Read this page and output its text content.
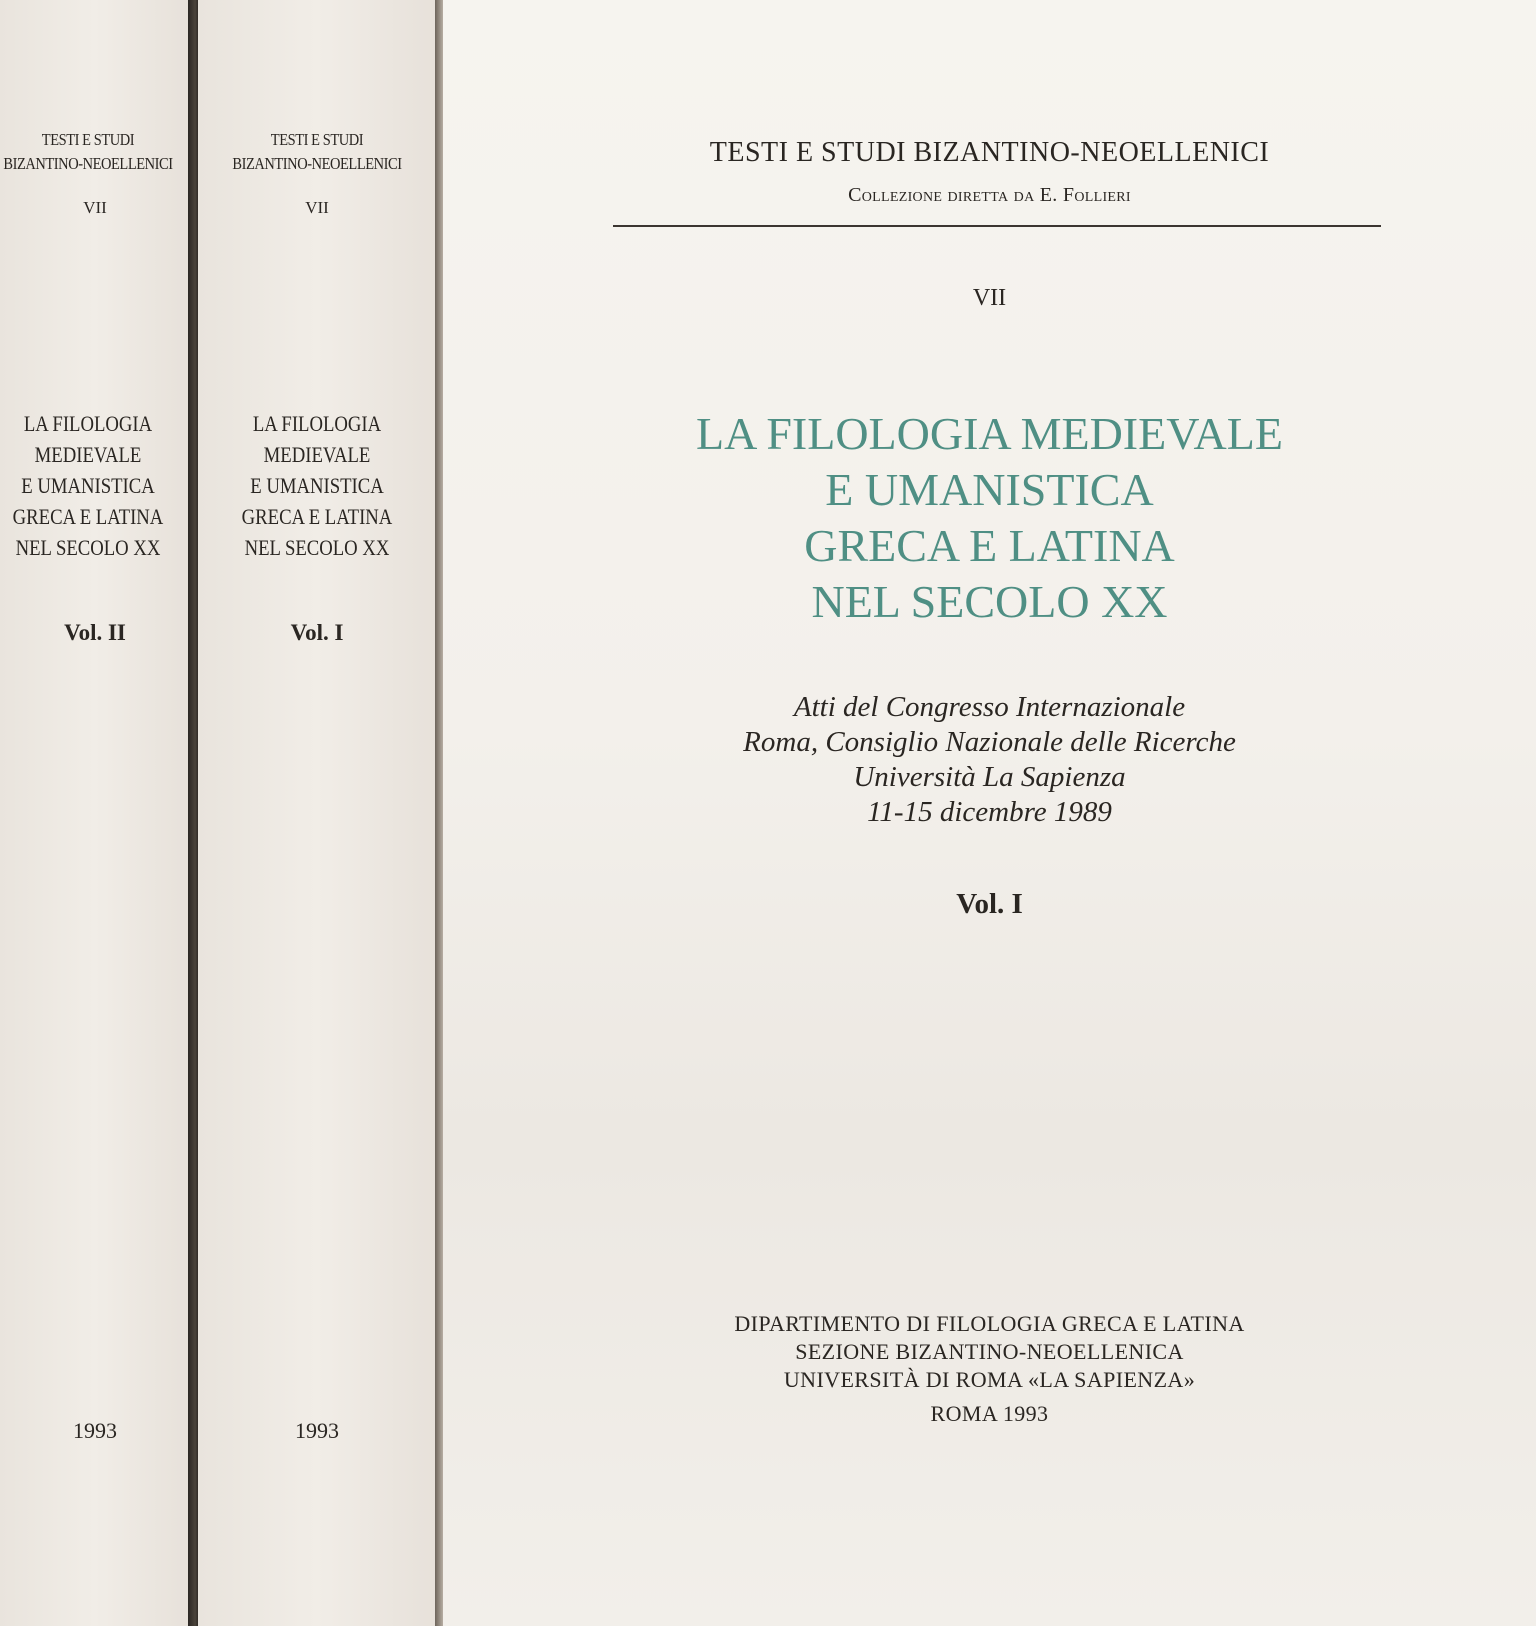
TESTI E STUDI
BIZANTINO-NEOELLENICI
VII
LA FILOLOGIA
MEDIEVALE
E UMANISTICA
GRECA E LATINA
NEL SECOLO XX
Vol. II
1993
TESTI E STUDI
BIZANTINO-NEOELLENICI
VII
LA FILOLOGIA
MEDIEVALE
E UMANISTICA
GRECA E LATINA
NEL SECOLO XX
Vol. I
1993
TESTI E STUDI BIZANTINO-NEOELLENICI
Collezione diretta da E. Follieri
VII
LA FILOLOGIA MEDIEVALE
E UMANISTICA
GRECA E LATINA
NEL SECOLO XX
Atti del Congresso Internazionale
Roma, Consiglio Nazionale delle Ricerche
Università La Sapienza
11-15 dicembre 1989
Vol. I
DIPARTIMENTO DI FILOLOGIA GRECA E LATINA
SEZIONE BIZANTINO-NEOELLENICA
UNIVERSITÀ DI ROMA «LA SAPIENZA»
ROMA 1993
